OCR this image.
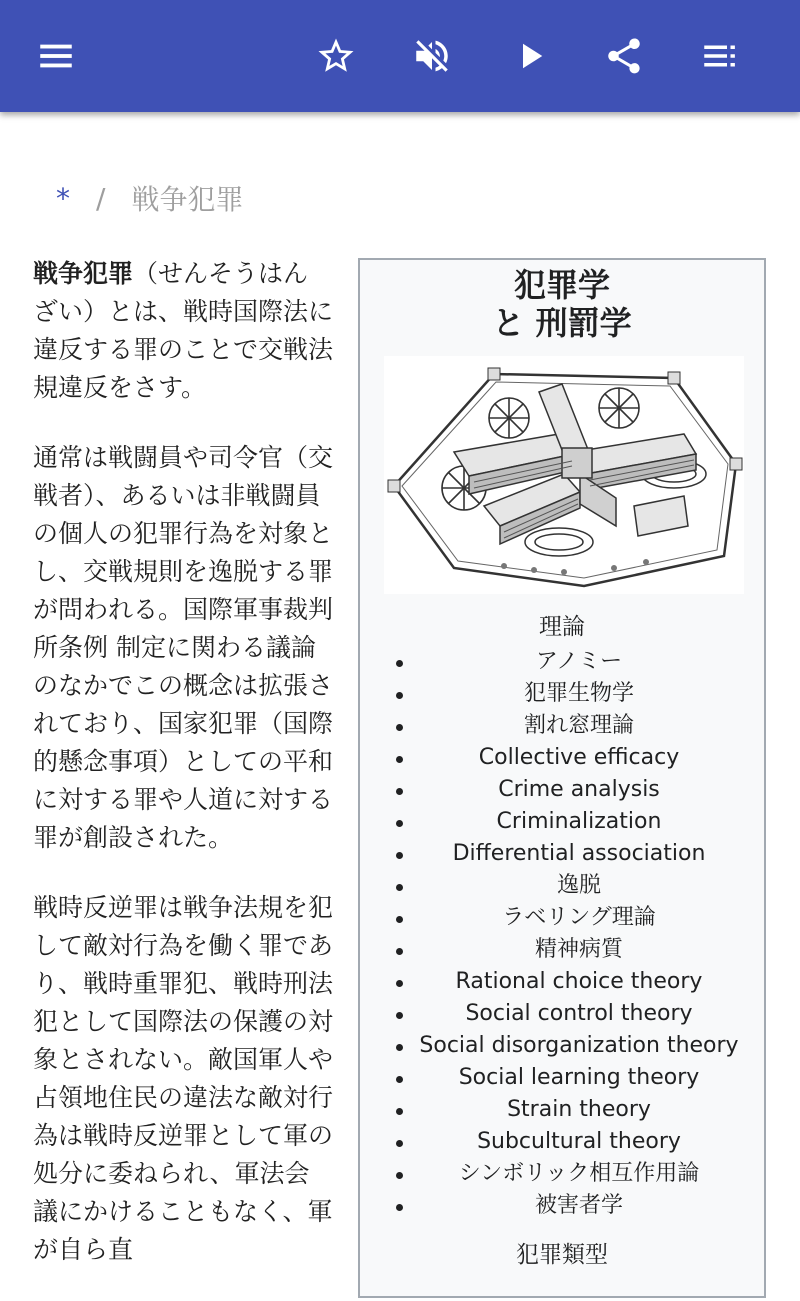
* / 戦争犯罪

戦争犯罪（せんそうはんざい）とは、戦時国際法に違反する罪のことで交戦法規違反をさす。

通常は戦闘員や司令官（交戦者）、あるいは非戦闘員の個人の犯罪行為を対象とし、交戦規則を逸脱する罪が問われる。国際軍事裁判所条例 制定に関わる議論のなかでこの概念は拡張されており、国家犯罪（国際的懸念事項）としての平和に対する罪や人道に対する罪が創設された。

戦時反逆罪は戦争法規を犯して敵対行為を働く罪であり、戦時重罪犯、戦時刑法犯として国際法の保護の対象とされない。敵国軍人や占領地住民の違法な敵対行為は戦時反逆罪として軍の処分に委ねられ、軍法会議にかけることもなく、軍が自ら直

犯罪学
と 刑罰学
理論
アノミー
犯罪生物学
割れ窓理論
Collective efficacy
Crime analysis
Criminalization
Differential association
逸脱
ラベリング理論
精神病質
Rational choice theory
Social control theory
Social disorganization theory
Social learning theory
Strain theory
Subcultural theory
シンボリック相互作用論
被害者学
犯罪類型
